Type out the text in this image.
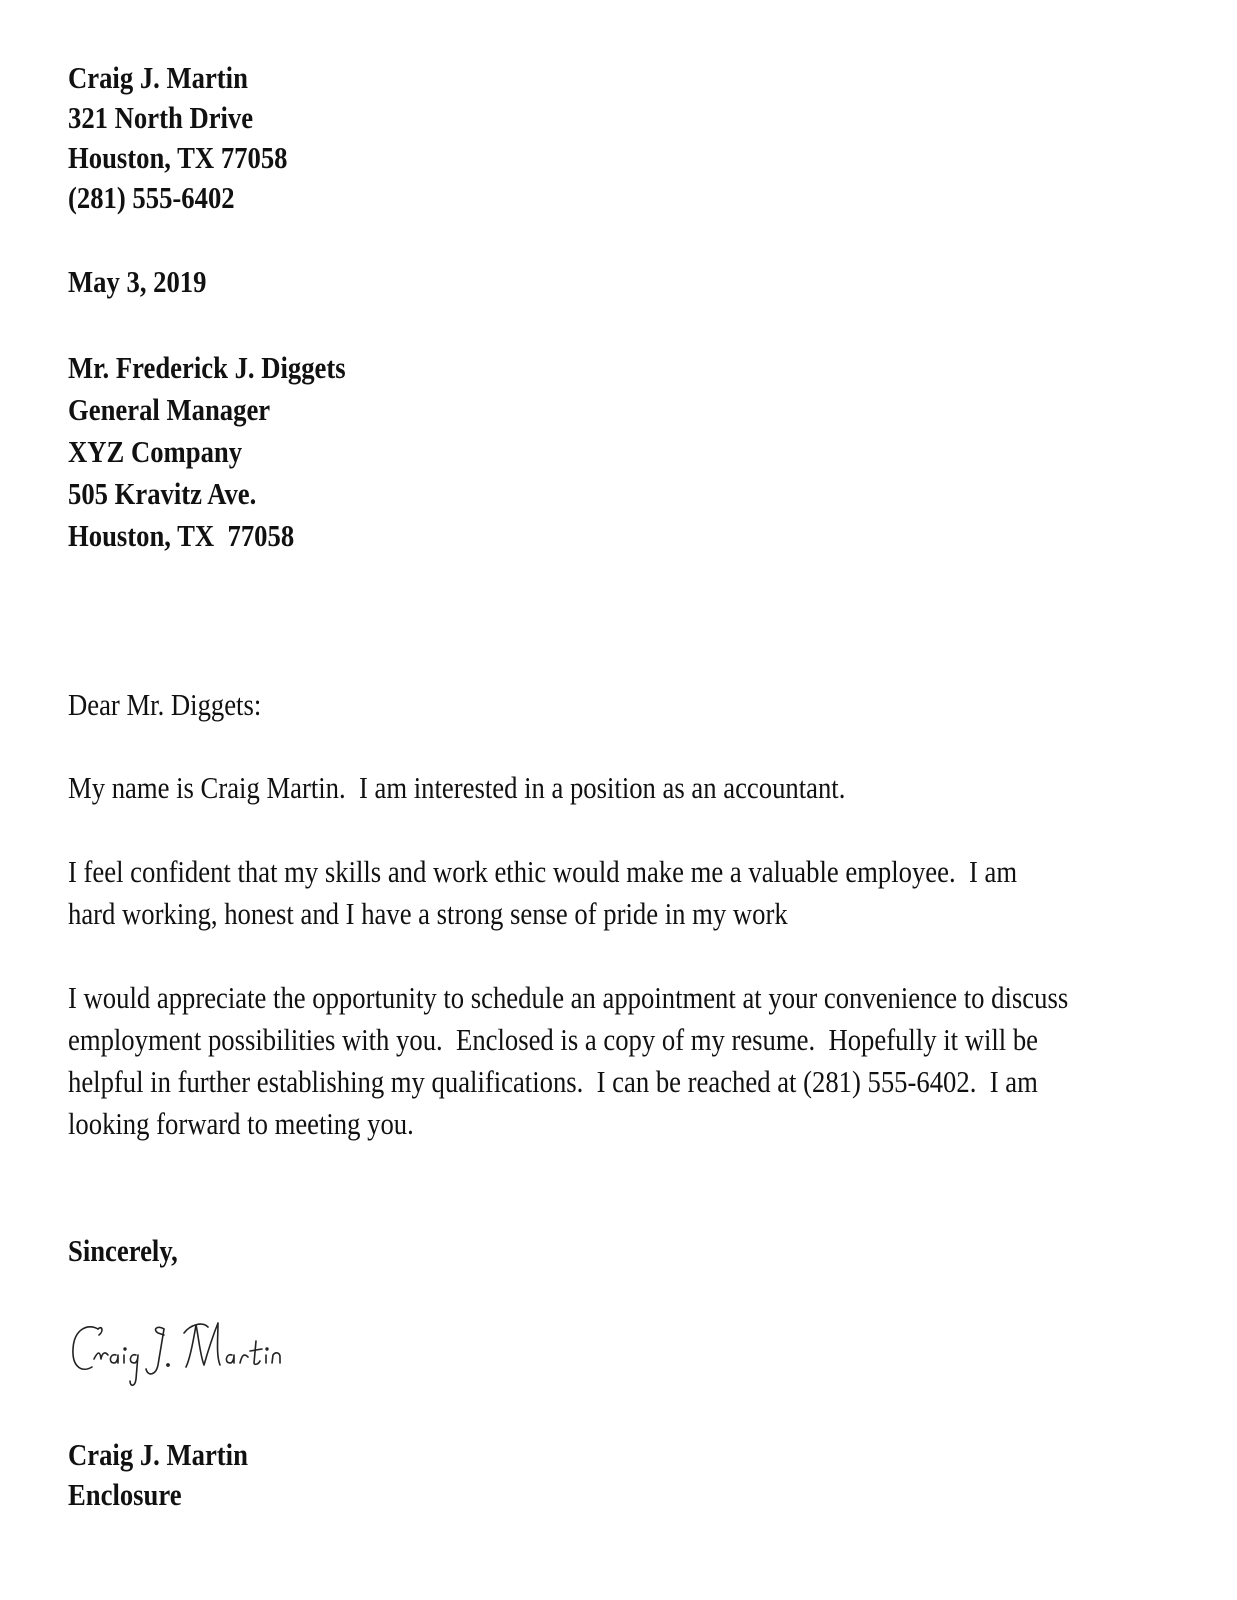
Craig J. Martin
321 North Drive
Houston, TX 77058
(281) 555-6402
May 3, 2019
Mr. Frederick J. Diggets
General Manager
XYZ Company
505 Kravitz Ave.
Houston, TX  77058
Dear Mr. Diggets:
My name is Craig Martin.  I am interested in a position as an accountant.
I feel confident that my skills and work ethic would make me a valuable employee.  I am
hard working, honest and I have a strong sense of pride in my work
I would appreciate the opportunity to schedule an appointment at your convenience to discuss
employment possibilities with you.  Enclosed is a copy of my resume.  Hopefully it will be
helpful in further establishing my qualifications.  I can be reached at (281) 555-6402.  I am
looking forward to meeting you.
Sincerely,
Craig J. Martin
Enclosure
